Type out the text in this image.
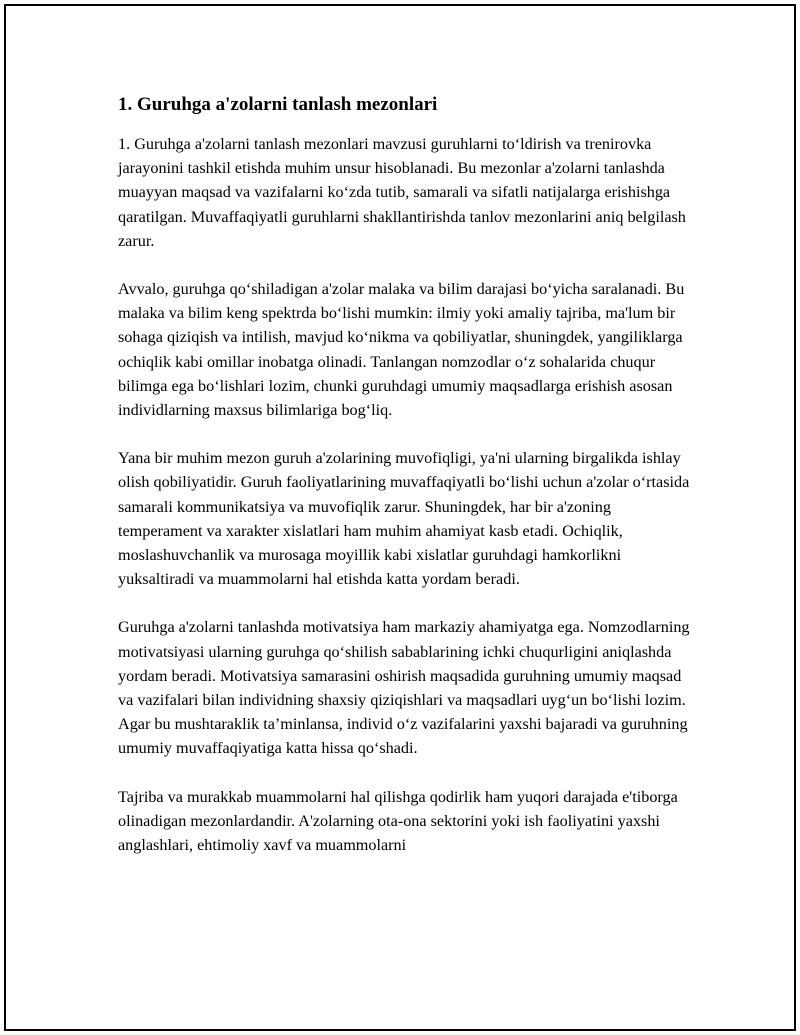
1. Guruhga a'zolarni tanlash mezonlari

1. Guruhga a'zolarni tanlash mezonlari mavzusi guruhlarni to‘ldirish va trenirovka jarayonini tashkil etishda muhim unsur hisoblanadi. Bu mezonlar a'zolarni tanlashda muayyan maqsad va vazifalarni ko‘zda tutib, samarali va sifatli natijalarga erishishga qaratilgan. Muvaffaqiyatli guruhlarni shakllantirishda tanlov mezonlarini aniq belgilash zarur.

Avvalo, guruhga qo‘shiladigan a'zolar malaka va bilim darajasi bo‘yicha saralanadi. Bu malaka va bilim keng spektrda bo‘lishi mumkin: ilmiy yoki amaliy tajriba, ma'lum bir sohaga qiziqish va intilish, mavjud ko‘nikma va qobiliyatlar, shuningdek, yangiliklarga ochiqlik kabi omillar inobatga olinadi. Tanlangan nomzodlar o‘z sohalarida chuqur bilimga ega bo‘lishlari lozim, chunki guruhdagi umumiy maqsadlarga erishish asosan individlarning maxsus bilimlariga bog‘liq.

Yana bir muhim mezon guruh a'zolarining muvofiqligi, ya'ni ularning birgalikda ishlay olish qobiliyatidir. Guruh faoliyatlarining muvaffaqiyatli bo‘lishi uchun a'zolar o‘rtasida samarali kommunikatsiya va muvofiqlik zarur. Shuningdek, har bir a'zoning temperament va xarakter xislatlari ham muhim ahamiyat kasb etadi. Ochiqlik, moslashuvchanlik va murosaga moyillik kabi xislatlar guruhdagi hamkorlikni yuksaltiradi va muammolarni hal etishda katta yordam beradi.

Guruhga a'zolarni tanlashda motivatsiya ham markaziy ahamiyatga ega. Nomzodlarning motivatsiyasi ularning guruhga qo‘shilish sabablarining ichki chuqurligini aniqlashda yordam beradi. Motivatsiya samarasini oshirish maqsadida guruhning umumiy maqsad va vazifalari bilan individning shaxsiy qiziqishlari va maqsadlari uyg‘un bo‘lishi lozim. Agar bu mushtaraklik ta’minlansa, individ o‘z vazifalarini yaxshi bajaradi va guruhning umumiy muvaffaqiyatiga katta hissa qo‘shadi.

Tajriba va murakkab muammolarni hal qilishga qodirlik ham yuqori darajada e'tiborga olinadigan mezonlardandir. A'zolarning ota-ona sektorini yoki ish faoliyatini yaxshi anglashlari, ehtimoliy xavf va muammolarni
